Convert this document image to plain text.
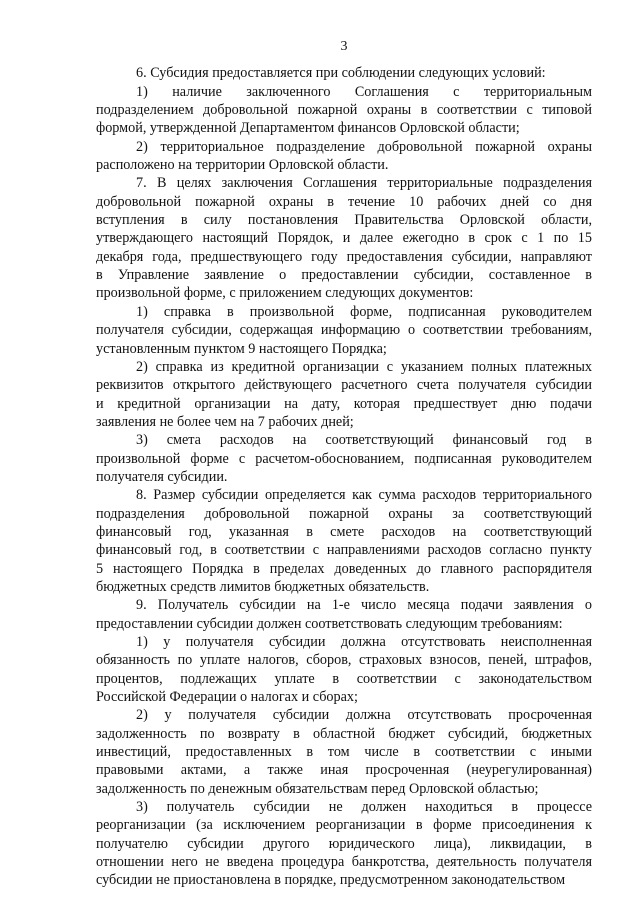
3
6. Субсидия предоставляется при соблюдении следующих условий:
1) наличие заключенного Соглашения с территориальным
подразделением добровольной пожарной охраны в соответствии с типовой
формой, утвержденной Департаментом финансов Орловской области;
2) территориальное подразделение добровольной пожарной охраны
расположено на территории Орловской области.
7. В целях заключения Соглашения территориальные подразделения
добровольной пожарной охраны в течение 10 рабочих дней со дня
вступления в силу постановления Правительства Орловской области,
утверждающего настоящий Порядок, и далее ежегодно в срок с 1 по 15
декабря года, предшествующего году предоставления субсидии, направляют
в Управление заявление о предоставлении субсидии, составленное в
произвольной форме, с приложением следующих документов:
1) справка в произвольной форме, подписанная руководителем
получателя субсидии, содержащая информацию о соответствии требованиям,
установленным пунктом 9 настоящего Порядка;
2) справка из кредитной организации с указанием полных платежных
реквизитов открытого действующего расчетного счета получателя субсидии
и кредитной организации на дату, которая предшествует дню подачи
заявления не более чем на 7 рабочих дней;
3) смета расходов на соответствующий финансовый год в
произвольной форме с расчетом-обоснованием, подписанная руководителем
получателя субсидии.
8. Размер субсидии определяется как сумма расходов территориального
подразделения добровольной пожарной охраны за соответствующий
финансовый год, указанная в смете расходов на соответствующий
финансовый год, в соответствии с направлениями расходов согласно пункту
5 настоящего Порядка в пределах доведенных до главного распорядителя
бюджетных средств лимитов бюджетных обязательств.
9. Получатель субсидии на 1-е число месяца подачи заявления о
предоставлении субсидии должен соответствовать следующим требованиям:
1) у получателя субсидии должна отсутствовать неисполненная
обязанность по уплате налогов, сборов, страховых взносов, пеней, штрафов,
процентов, подлежащих уплате в соответствии с законодательством
Российской Федерации о налогах и сборах;
2) у получателя субсидии должна отсутствовать просроченная
задолженность по возврату в областной бюджет субсидий, бюджетных
инвестиций, предоставленных в том числе в соответствии с иными
правовыми актами, а также иная просроченная (неурегулированная)
задолженность по денежным обязательствам перед Орловской областью;
3) получатель субсидии не должен находиться в процессе
реорганизации (за исключением реорганизации в форме присоединения к
получателю субсидии другого юридического лица), ликвидации, в
отношении него не введена процедура банкротства, деятельность получателя
субсидии не приостановлена в порядке, предусмотренном законодательством
